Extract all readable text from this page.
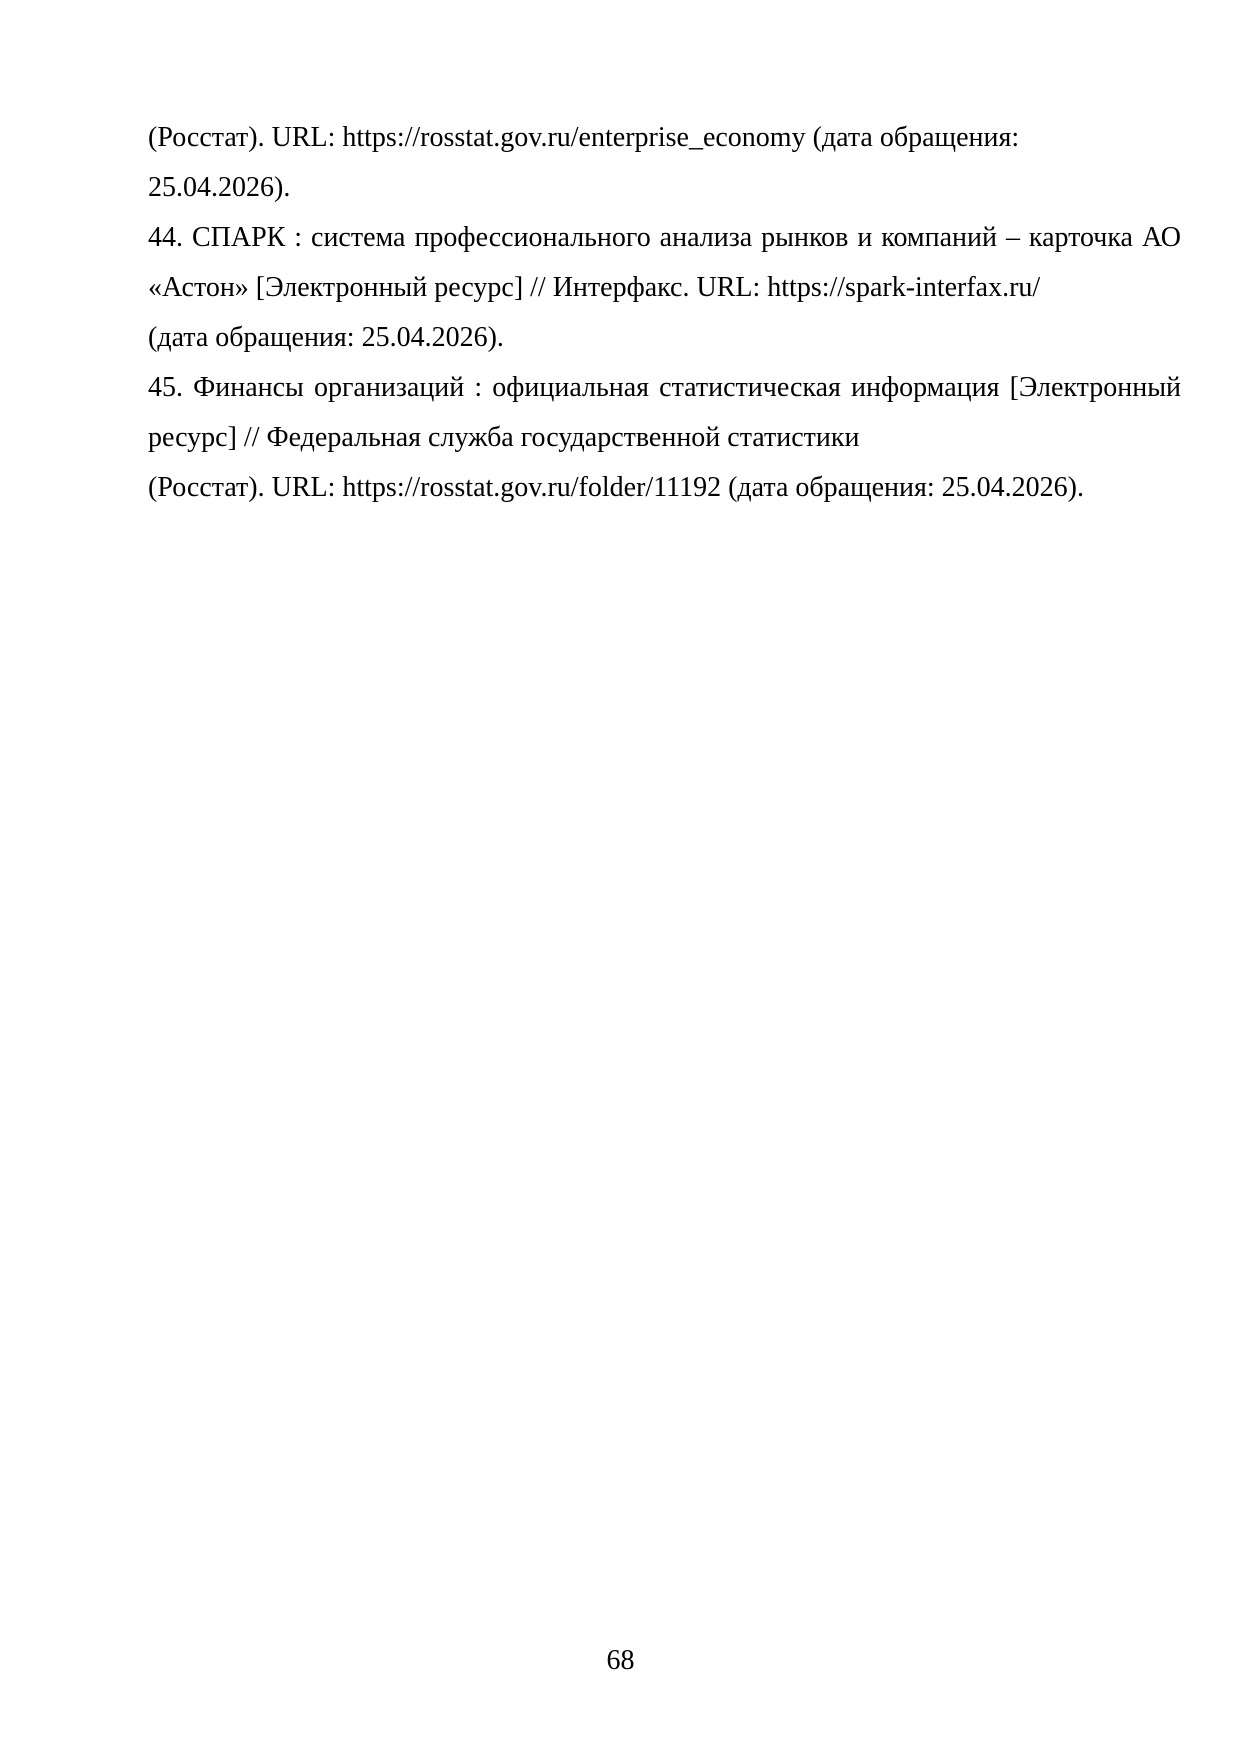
(Росстат). URL: https://rosstat.gov.ru/enterprise_economy (дата обращения:
25.04.2026).

44. СПАРК : система профессионального анализа рынков и компаний – карточка АО «Астон» [Электронный ресурс] // Интерфакс. URL: https://spark-interfax.ru/
(дата обращения: 25.04.2026).

45. Финансы организаций : официальная статистическая информация [Электронный ресурс] // Федеральная служба государственной статистики
(Росстат). URL: https://rosstat.gov.ru/folder/11192 (дата обращения: 25.04.2026).

68
